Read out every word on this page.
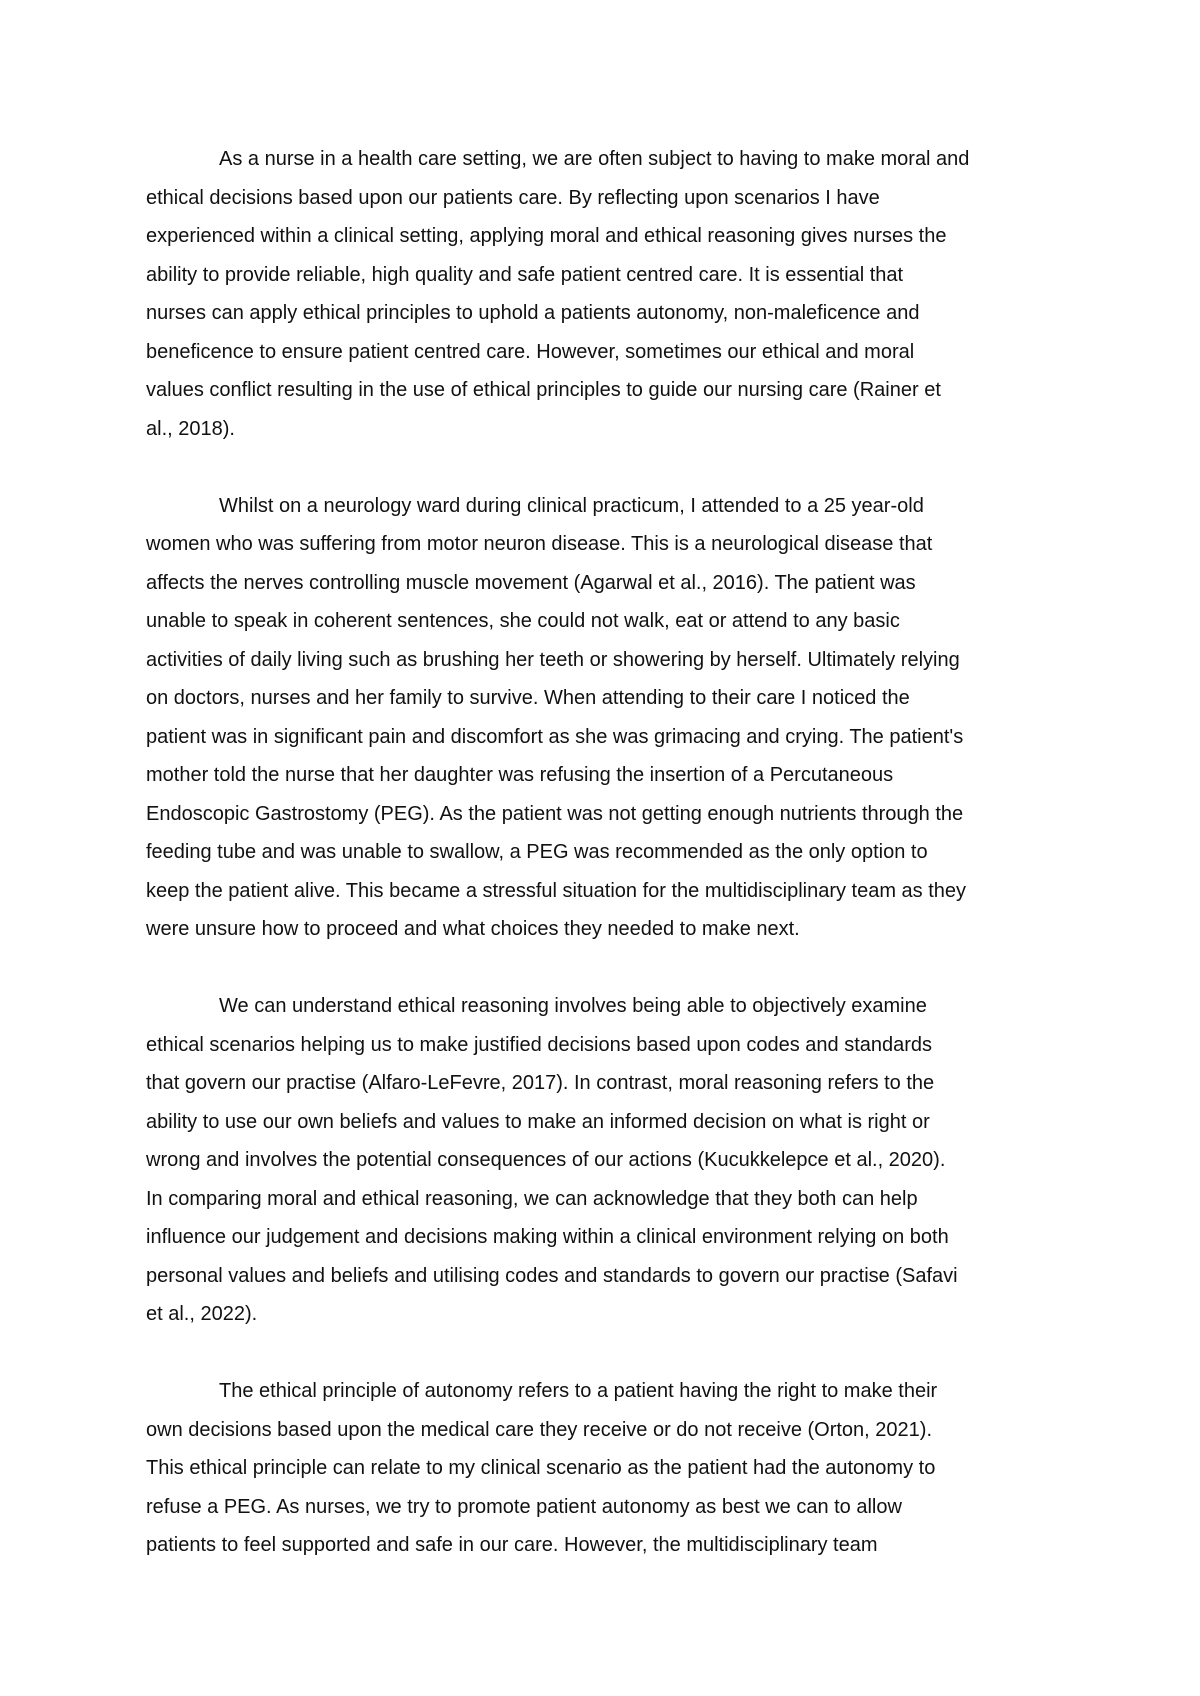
As a nurse in a health care setting, we are often subject to having to make moral and
ethical decisions based upon our patients care. By reflecting upon scenarios I have
experienced within a clinical setting, applying moral and ethical reasoning gives nurses the
ability to provide reliable, high quality and safe patient centred care. It is essential that
nurses can apply ethical principles to uphold a patients autonomy, non-maleficence and
beneficence to ensure patient centred care. However, sometimes our ethical and moral
values conflict resulting in the use of ethical principles to guide our nursing care (Rainer et
al., 2018).
Whilst on a neurology ward during clinical practicum, I attended to a 25 year-old
women who was suffering from motor neuron disease. This is a neurological disease that
affects the nerves controlling muscle movement (Agarwal et al., 2016). The patient was
unable to speak in coherent sentences, she could not walk, eat or attend to any basic
activities of daily living such as brushing her teeth or showering by herself. Ultimately relying
on doctors, nurses and her family to survive. When attending to their care I noticed the
patient was in significant pain and discomfort as she was grimacing and crying. The patient's
mother told the nurse that her daughter was refusing the insertion of a Percutaneous
Endoscopic Gastrostomy (PEG). As the patient was not getting enough nutrients through the
feeding tube and was unable to swallow, a PEG was recommended as the only option to
keep the patient alive. This became a stressful situation for the multidisciplinary team as they
were unsure how to proceed and what choices they needed to make next.
We can understand ethical reasoning involves being able to objectively examine
ethical scenarios helping us to make justified decisions based upon codes and standards
that govern our practise (Alfaro-LeFevre, 2017). In contrast, moral reasoning refers to the
ability to use our own beliefs and values to make an informed decision on what is right or
wrong and involves the potential consequences of our actions (Kucukkelepce et al., 2020).
In comparing moral and ethical reasoning, we can acknowledge that they both can help
influence our judgement and decisions making within a clinical environment relying on both
personal values and beliefs and utilising codes and standards to govern our practise (Safavi
et al., 2022).
The ethical principle of autonomy refers to a patient having the right to make their
own decisions based upon the medical care they receive or do not receive (Orton, 2021).
This ethical principle can relate to my clinical scenario as the patient had the autonomy to
refuse a PEG. As nurses, we try to promote patient autonomy as best we can to allow
patients to feel supported and safe in our care. However, the multidisciplinary team
